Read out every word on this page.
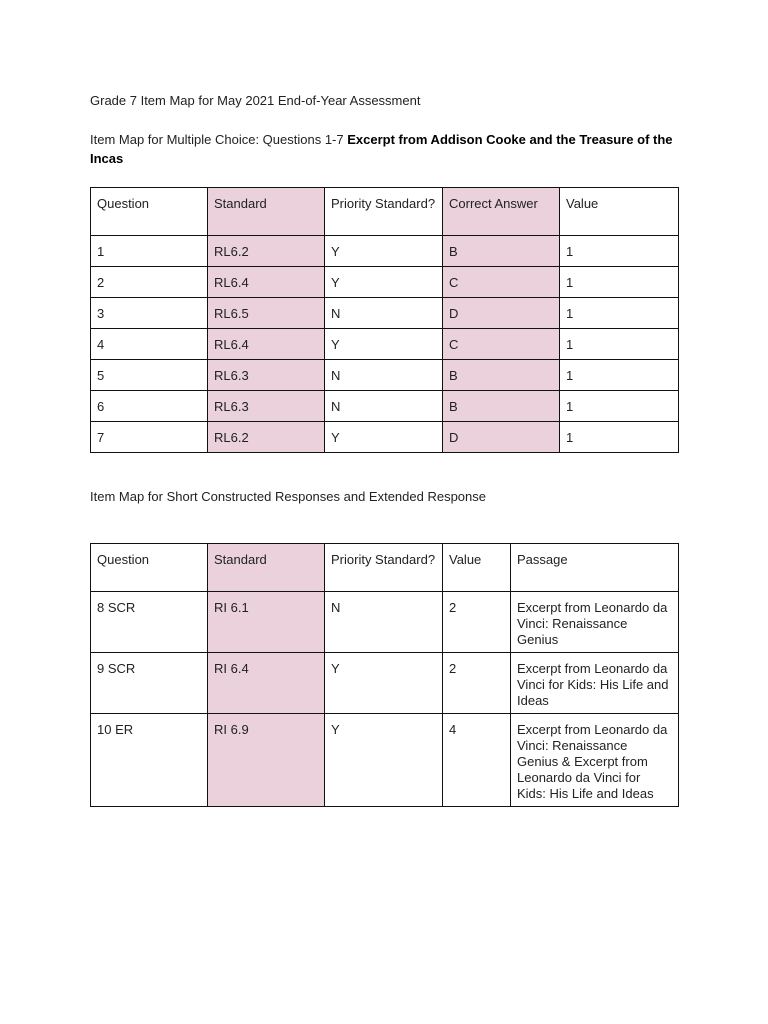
Grade 7 Item Map for May 2021 End-of-Year Assessment
Item Map for Multiple Choice: Questions 1-7 Excerpt from Addison Cooke and the Treasure of the Incas
Question	Standard	Priority Standard?	Correct Answer	Value
1	RL6.2	Y	B	1
2	RL6.4	Y	C	1
3	RL6.5	N	D	1
4	RL6.4	Y	C	1
5	RL6.3	N	B	1
6	RL6.3	N	B	1
7	RL6.2	Y	D	1
Item Map for Short Constructed Responses and Extended Response
Question	Standard	Priority Standard?	Value	Passage
8 SCR	RI 6.1	N	2	Excerpt from Leonardo da Vinci: Renaissance Genius
9 SCR	RI 6.4	Y	2	Excerpt from Leonardo da Vinci for Kids: His Life and Ideas
10 ER	RI 6.9	Y	4	Excerpt from Leonardo da Vinci: Renaissance Genius & Excerpt from Leonardo da Vinci for Kids: His Life and Ideas
